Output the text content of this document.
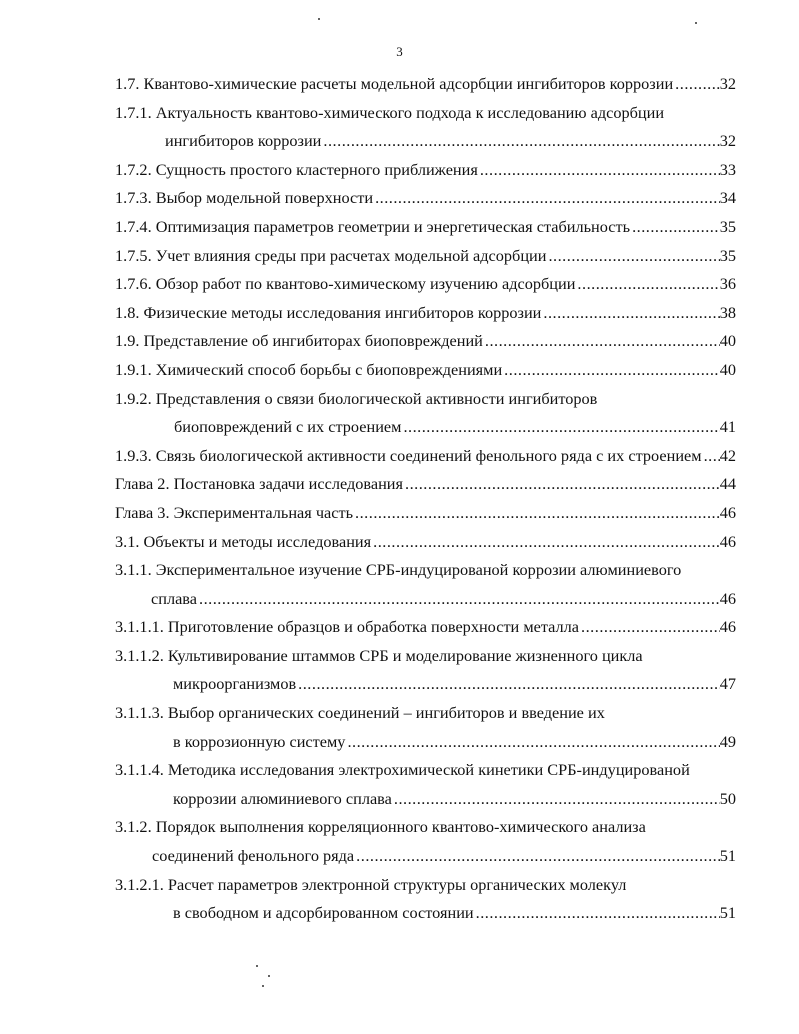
3
1.7. Квантово-химические расчеты модельной адсорбции ингибиторов коррозии .....	32
1.7.1. Актуальность квантово-химического подхода к исследованию адсорбции
ингибиторов коррозии .....	32
1.7.2. Сущность простого кластерного приближения .....	33
1.7.3. Выбор модельной поверхности .....	34
1.7.4. Оптимизация параметров геометрии и энергетическая стабильность .....	35
1.7.5. Учет влияния среды при расчетах модельной адсорбции .....	35
1.7.6. Обзор работ по квантово-химическому изучению адсорбции .....	36
1.8. Физические методы исследования ингибиторов коррозии .....	38
1.9. Представление об ингибиторах биоповреждений .....	40
1.9.1. Химический способ борьбы с биоповреждениями .....	40
1.9.2. Представления о связи биологической активности ингибиторов
биоповреждений с их строением .....	41
1.9.3. Связь биологической активности соединений фенольного ряда с их строением ..... 42
Глава 2. Постановка задачи исследования .....	44
Глава 3. Экспериментальная часть .....	46
3.1. Объекты и методы исследования .....	46
3.1.1. Экспериментальное изучение СРБ-индуцированой коррозии алюминиевого
сплава .....	46
3.1.1.1. Приготовление образцов и обработка поверхности металла .....	46
3.1.1.2. Культивирование штаммов СРБ и моделирование жизненного цикла
микроорганизмов .....	47
3.1.1.3. Выбор органических соединений – ингибиторов и введение их
в коррозионную систему .....	49
3.1.1.4. Методика исследования электрохимической кинетики СРБ-индуцированой
коррозии алюминиевого сплава .....	50
3.1.2. Порядок выполнения корреляционного квантово-химического анализа
соединений фенольного ряда .....	51
3.1.2.1. Расчет параметров электронной структуры органических молекул
в свободном и адсорбированном состоянии .....	51
